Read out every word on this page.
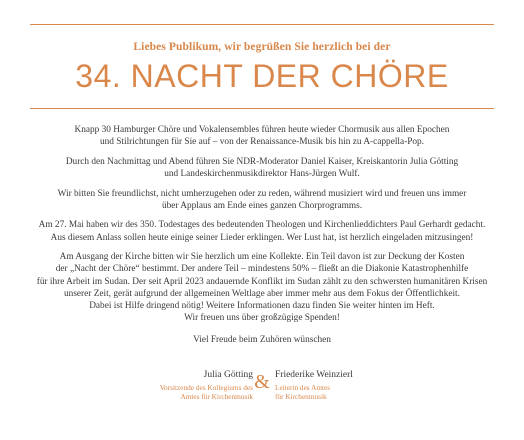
Liebes Publikum, wir begrüßen Sie herzlich bei der
34. NACHT DER CHÖRE

Knapp 30 Hamburger Chöre und Vokalensembles führen heute wieder Chormusik aus allen Epochen
und Stilrichtungen für Sie auf – von der Renaissance-Musik bis hin zu A-cappella-Pop.

Durch den Nachmittag und Abend führen Sie NDR-Moderator Daniel Kaiser, Kreiskantorin Julia Götting
und Landeskirchenmusikdirektor Hans-Jürgen Wulf.

Wir bitten Sie freundlichst, nicht umherzugehen oder zu reden, während musiziert wird und freuen uns immer
über Applaus am Ende eines ganzen Chorprogramms.

Am 27. Mai haben wir des 350. Todestages des bedeutenden Theologen und Kirchenlieddichters Paul Gerhardt gedacht.
Aus diesem Anlass sollen heute einige seiner Lieder erklingen. Wer Lust hat, ist herzlich eingeladen mitzusingen!

Am Ausgang der Kirche bitten wir Sie herzlich um eine Kollekte. Ein Teil davon ist zur Deckung der Kosten
der „Nacht der Chöre“ bestimmt. Der andere Teil – mindestens 50% – fließt an die Diakonie Katastrophenhilfe
für ihre Arbeit im Sudan. Der seit April 2023 andauernde Konflikt im Sudan zählt zu den schwersten humanitären Krisen
unserer Zeit, gerät aufgrund der allgemeinen Weltlage aber immer mehr aus dem Fokus der Öffentlichkeit.
Dabei ist Hilfe dringend nötig! Weitere Informationen dazu finden Sie weiter hinten im Heft.
Wir freuen uns über großzügige Spenden!

Viel Freude beim Zuhören wünschen

Julia Götting
Vorsitzende des Kollegiums des
Amtes für Kirchenmusik
& Friederike Weinzierl
Leiterin des Amtes
für Kirchenmusik
